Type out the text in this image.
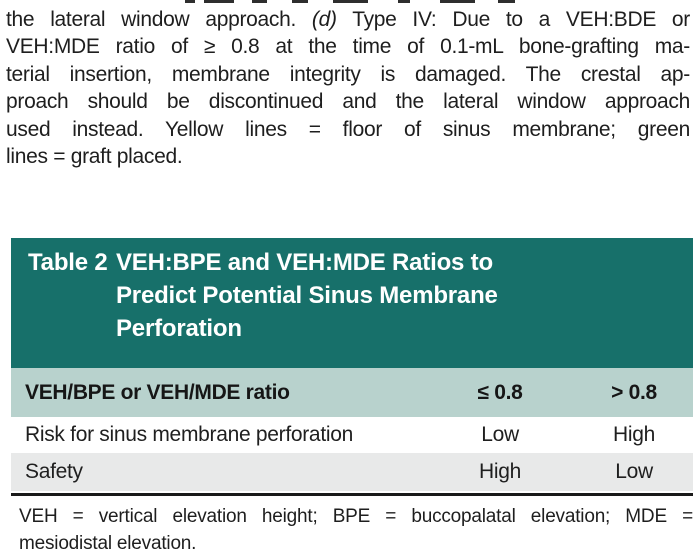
the lateral window approach. (d) Type IV: Due to a VEH:BDE or
VEH:MDE ratio of ≥ 0.8 at the time of 0.1-mL bone-grafting ma-
terial insertion, membrane integrity is damaged. The crestal ap-
proach should be discontinued and the lateral window approach
used instead. Yellow lines = floor of sinus membrane; green
lines = graft placed.
Table 2 VEH:BPE and VEH:MDE Ratios to
Predict Potential Sinus Membrane
Perforation
VEH/BPE or VEH/MDE ratio	≤ 0.8	> 0.8
Risk for sinus membrane perforation	Low	High
Safety	High	Low
VEH = vertical elevation height; BPE = buccopalatal elevation; MDE =
mesiodistal elevation.
